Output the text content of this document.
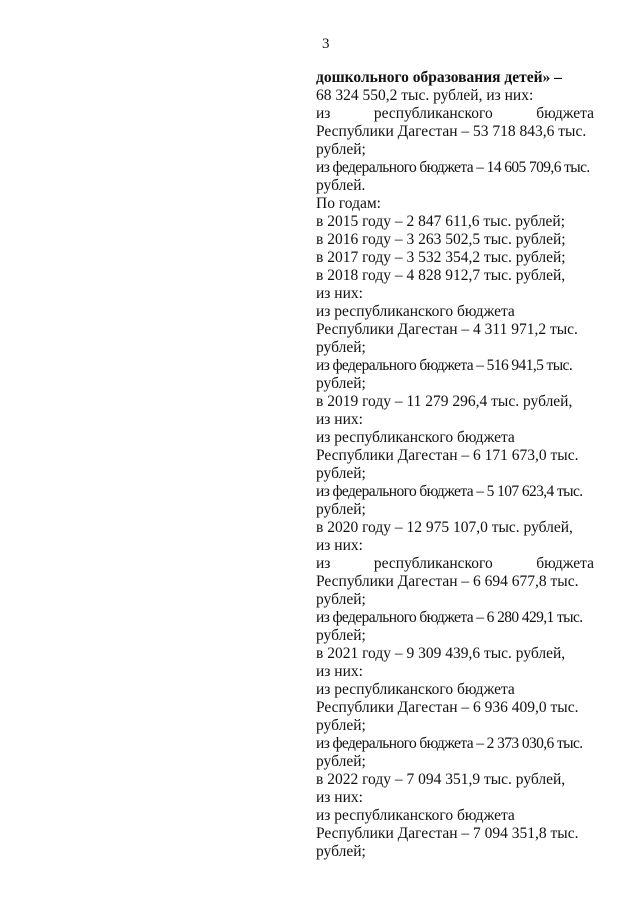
3
дошкольного образования детей» –
68 324 550,2 тыс. рублей, из них:
из	республиканского	бюджета
Республики Дагестан – 53 718 843,6 тыс.
рублей;
из федерального бюджета – 14 605 709,6 тыс.
рублей.
По годам:
в 2015 году – 2 847 611,6 тыс. рублей;
в 2016 году – 3 263 502,5 тыс. рублей;
в 2017 году – 3 532 354,2 тыс. рублей;
в 2018 году – 4 828 912,7 тыс. рублей,
из них:
из республиканского бюджета
Республики Дагестан – 4 311 971,2 тыс.
рублей;
из федерального бюджета – 516 941,5 тыс.
рублей;
в 2019 году – 11 279 296,4 тыс. рублей,
из них:
из республиканского бюджета
Республики Дагестан – 6 171 673,0 тыс.
рублей;
из федерального бюджета – 5 107 623,4 тыс.
рублей;
в 2020 году – 12 975 107,0 тыс. рублей,
из них:
из	республиканского	бюджета
Республики Дагестан – 6 694 677,8 тыс.
рублей;
из федерального бюджета – 6 280 429,1 тыс.
рублей;
в 2021 году – 9 309 439,6 тыс. рублей,
из них:
из республиканского бюджета
Республики Дагестан – 6 936 409,0 тыс.
рублей;
из федерального бюджета – 2 373 030,6 тыс.
рублей;
в 2022 году – 7 094 351,9 тыс. рублей,
из них:
из республиканского бюджета
Республики Дагестан – 7 094 351,8 тыс.
рублей;
